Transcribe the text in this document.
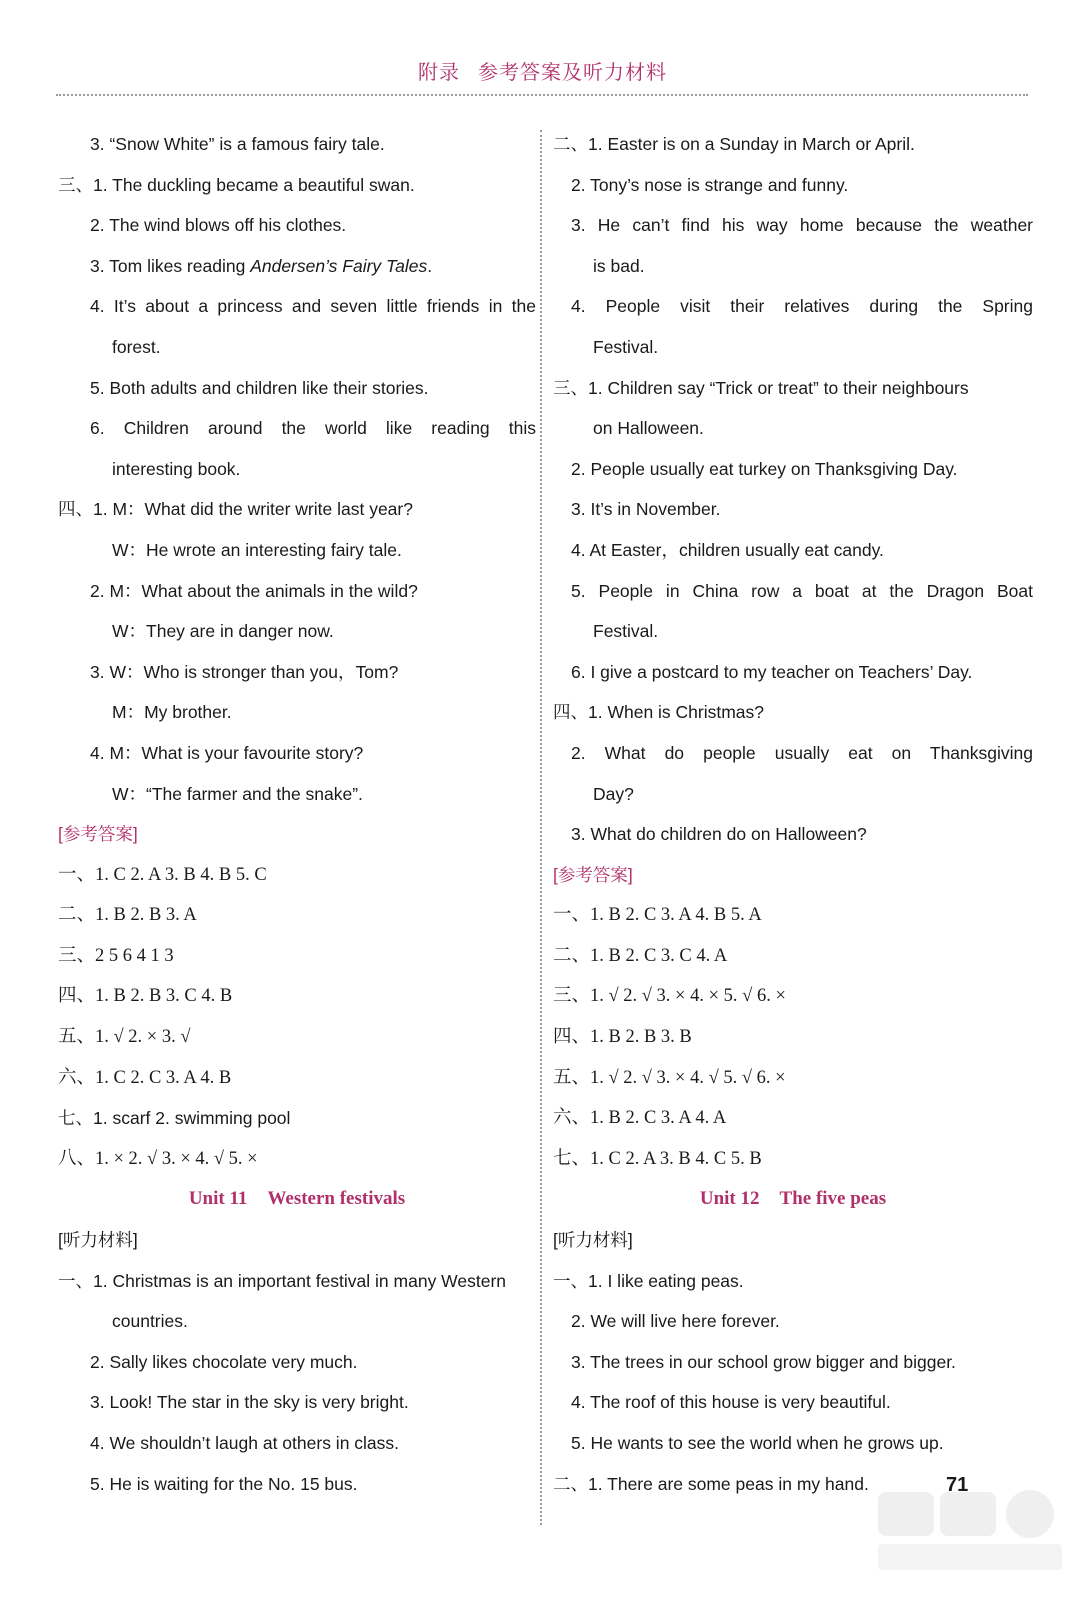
附录 参考答案及听力材料
3. “Snow White” is a famous fairy tale.
三、1. The duckling became a beautiful swan.
2. The wind blows off his clothes.
3. Tom likes reading Andersen’s Fairy Tales.
4. It’s about a princess and seven little friends in the
forest.
5. Both adults and children like their stories.
6. Children around the world like reading this
interesting book.
四、1. M：What did the writer write last year?
W：He wrote an interesting fairy tale.
2. M：What about the animals in the wild?
W：They are in danger now.
3. W：Who is stronger than you，Tom?
M：My brother.
4. M：What is your favourite story?
W：“The farmer and the snake”.
[参考答案]
一、1. C 2. A 3. B 4. B 5. C
二、1. B 2. B 3. A
三、2 5 6 4 1 3
四、1. B 2. B 3. C 4. B
五、1. √ 2. × 3. √
六、1. C 2. C 3. A 4. B
七、1. scarf 2. swimming pool
八、1. × 2. √ 3. × 4. √ 5. ×
Unit 11 Western festivals
[听力材料]
一、1. Christmas is an important festival in many Western
countries.
2. Sally likes chocolate very much.
3. Look! The star in the sky is very bright.
4. We shouldn’t laugh at others in class.
5. He is waiting for the No. 15 bus.
二、1. Easter is on a Sunday in March or April.
2. Tony’s nose is strange and funny.
3. He can’t find his way home because the weather
is bad.
4. People visit their relatives during the Spring
Festival.
三、1. Children say “Trick or treat” to their neighbours
on Halloween.
2. People usually eat turkey on Thanksgiving Day.
3. It’s in November.
4. At Easter，children usually eat candy.
5. People in China row a boat at the Dragon Boat
Festival.
6. I give a postcard to my teacher on Teachers’ Day.
四、1. When is Christmas?
2. What do people usually eat on Thanksgiving
Day?
3. What do children do on Halloween?
[参考答案]
一、1. B 2. C 3. A 4. B 5. A
二、1. B 2. C 3. C 4. A
三、1. √ 2. √ 3. × 4. × 5. √ 6. ×
四、1. B 2. B 3. B
五、1. √ 2. √ 3. × 4. √ 5. √ 6. ×
六、1. B 2. C 3. A 4. A
七、1. C 2. A 3. B 4. C 5. B
Unit 12 The five peas
[听力材料]
一、1. I like eating peas.
2. We will live here forever.
3. The trees in our school grow bigger and bigger.
4. The roof of this house is very beautiful.
5. He wants to see the world when he grows up.
二、1. There are some peas in my hand.	71
